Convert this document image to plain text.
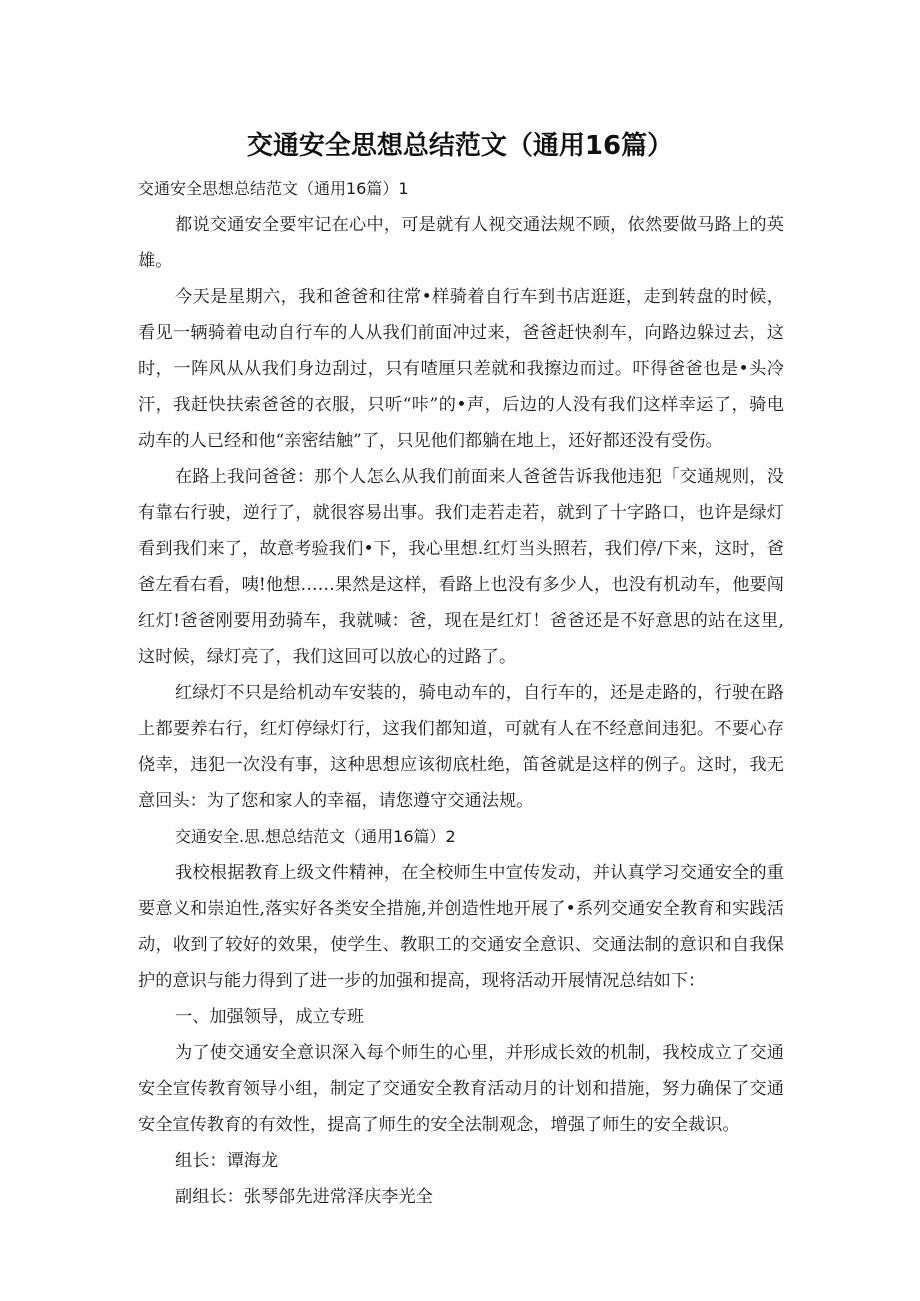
交通安全思想总结范文（通用16篇）

交通安全思想总结范文（通用16篇）1

都说交通安全要牢记在心中，可是就有人视交通法规不顾，依然要做马路上的英雄。

今天是星期六，我和爸爸和往常•样骑着自行车到书店逛逛，走到转盘的时候，看见一辆骑着电动自行车的人从我们前面冲过来，爸爸赶快刹车，向路边躲过去，这时，一阵风从从我们身边刮过，只有喳厘只差就和我擦边而过。吓得爸爸也是•头冷汗，我赶快扶索爸爸的衣服，只听“咔”的•声，后边的人没有我们这样幸运了，骑电动车的人已经和他“亲密结触”了，只见他们都躺在地上，还好都还没有受伤。

在路上我问爸爸：那个人怎么从我们前面来人爸爸告诉我他违犯「交通规则，没有靠右行驶，逆行了，就很容易出事。我们走若走若，就到了十字路口，也许是绿灯看到我们来了，故意考验我们•下，我心里想.红灯当头照若，我们停/下来，这时，爸爸左看右看，咦!他想……果然是这样，看路上也没有多少人，也没有机动车，他要闯红灯!爸爸刚要用劲骑车，我就喊：爸，现在是红灯！爸爸还是不好意思的站在这里,这时候，绿灯亮了，我们这回可以放心的过路了。

红绿灯不只是给机动车安装的，骑电动车的，自行车的，还是走路的，行驶在路上都要养右行，红灯停绿灯行，这我们都知道，可就有人在不经意间违犯。不要心存侥幸，违犯一次没有事，这种思想应该彻底杜绝，笛爸就是这样的例子。这时，我无意回头：为了您和家人的幸福，请您遵守交通法规。

交通安全.思.想总结范文（通用16篇）2

我校根据教育上级文件精神，在全校师生中宣传发动，并认真学习交通安全的重要意义和崇迫性,落实好各类安全措施,并创造性地开展了•系列交通安全教育和实践活动，收到了较好的效果，使学生、教职工的交通安全意识、交通法制的意识和自我保护的意识与能力得到了进一步的加强和提高，现将活动开展情况总结如下：

一、加强领导，成立专班

为了使交通安全意识深入每个师生的心里，并形成长效的机制，我校成立了交通安全宣传教育领导小组，制定了交通安全教育活动月的计划和措施，努力确保了交通安全宣传教育的有效性，提高了师生的安全法制观念，增强了师生的安全裁识。

组长：谭海龙

副组长：张琴郃先进常泽庆李光全
